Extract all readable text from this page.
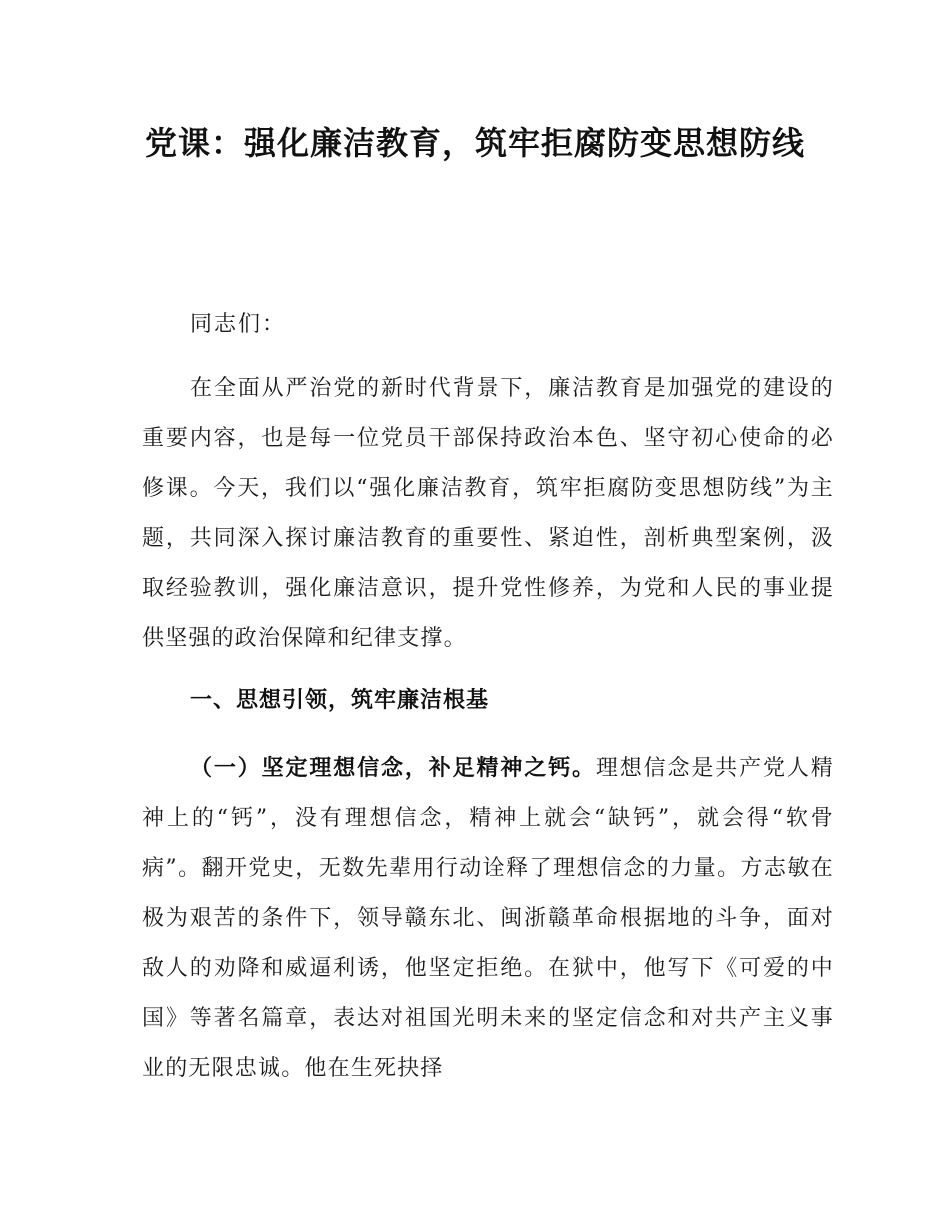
党课：强化廉洁教育，筑牢拒腐防变思想防线

同志们：

在全面从严治党的新时代背景下，廉洁教育是加强党的建设的重要内容，也是每一位党员干部保持政治本色、坚守初心使命的必修课。今天，我们以“强化廉洁教育，筑牢拒腐防变思想防线”为主题，共同深入探讨廉洁教育的重要性、紧迫性，剖析典型案例，汲取经验教训，强化廉洁意识，提升党性修养，为党和人民的事业提供坚强的政治保障和纪律支撑。

一、思想引领，筑牢廉洁根基

（一）坚定理想信念，补足精神之钙。理想信念是共产党人精神上的“钙”，没有理想信念，精神上就会“缺钙”，就会得“软骨病”。翻开党史，无数先辈用行动诠释了理想信念的力量。方志敏在极为艰苦的条件下，领导赣东北、闽浙赣革命根据地的斗争，面对敌人的劝降和威逼利诱，他坚定拒绝。在狱中，他写下《可爱的中国》等著名篇章，表达对祖国光明未来的坚定信念和对共产主义事业的无限忠诚。他在生死抉择
